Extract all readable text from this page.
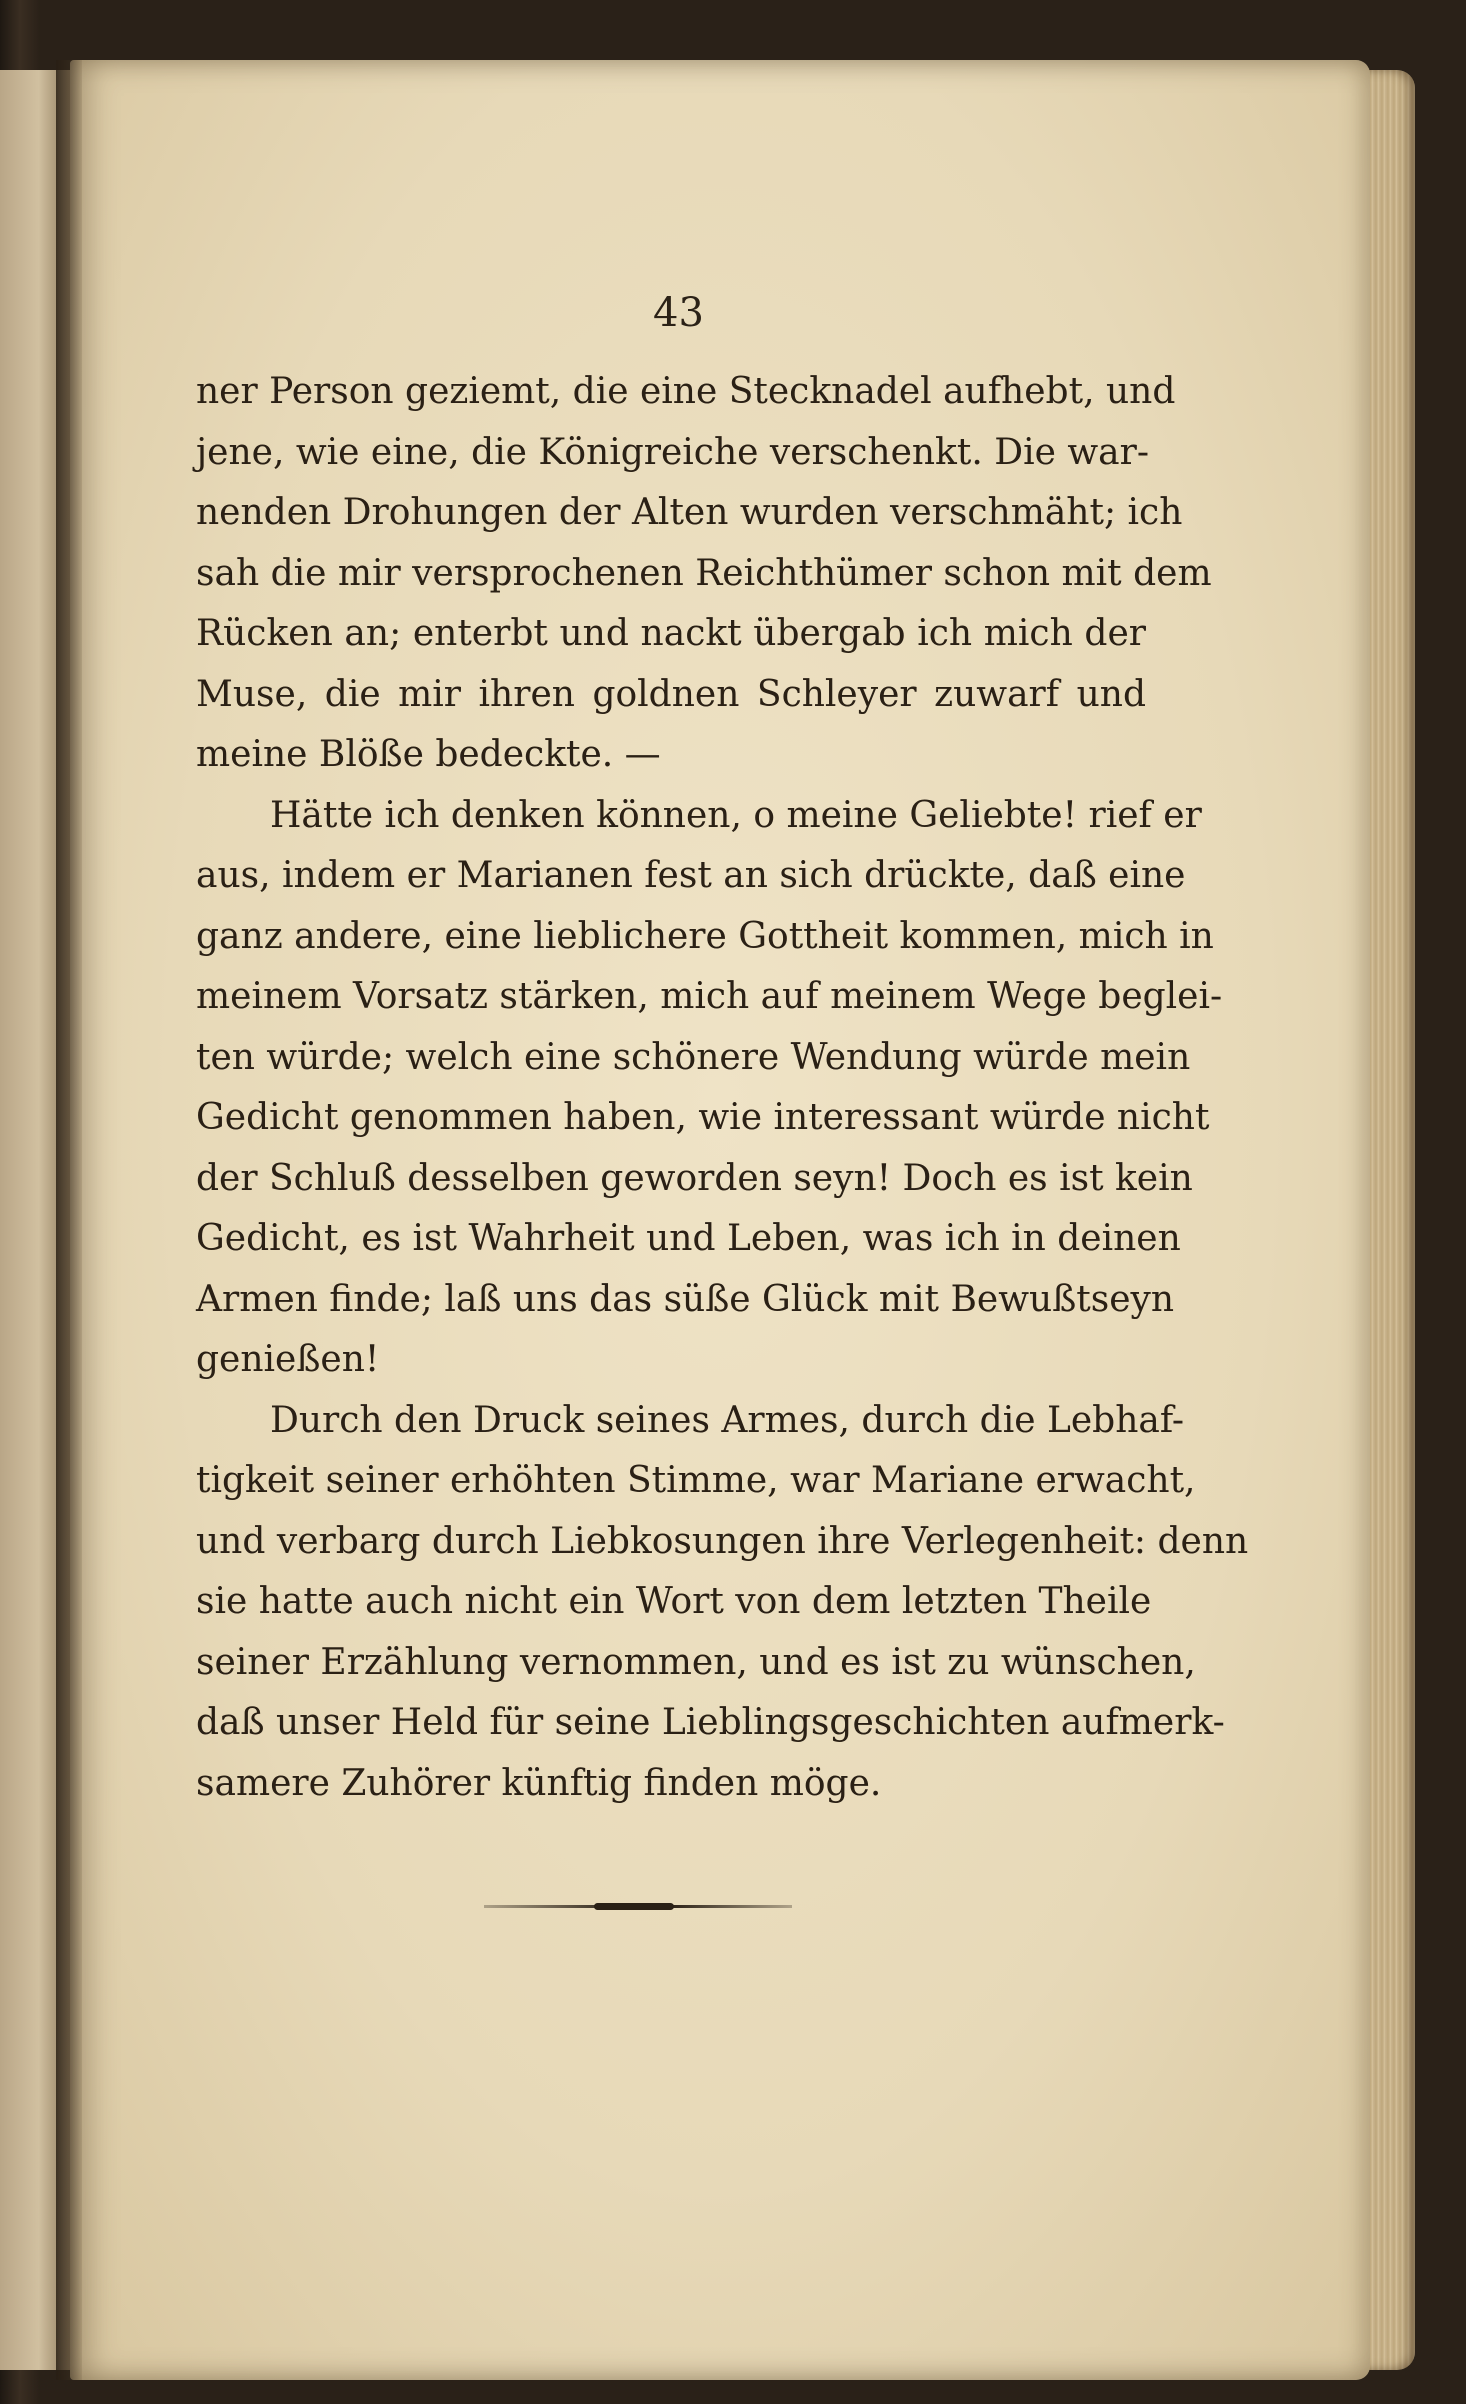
43

ner Person geziemt, die eine Stecknadel aufhebt, und
jene, wie eine, die Königreiche verschenkt. Die war-
nenden Drohungen der Alten wurden verschmäht; ich
sah die mir versprochenen Reichthümer schon mit dem
Rücken an; enterbt und nackt übergab ich mich der
Muse, die mir ihren goldnen Schleyer zuwarf und
meine Blöße bedeckte. —

Hätte ich denken können, o meine Geliebte! rief er
aus, indem er Marianen fest an sich drückte, daß eine
ganz andere, eine lieblichere Gottheit kommen, mich in
meinem Vorsatz stärken, mich auf meinem Wege beglei-
ten würde; welch eine schönere Wendung würde mein
Gedicht genommen haben, wie interessant würde nicht
der Schluß desselben geworden seyn! Doch es ist kein
Gedicht, es ist Wahrheit und Leben, was ich in deinen
Armen finde; laß uns das süße Glück mit Bewußtseyn
genießen!

Durch den Druck seines Armes, durch die Lebhaf-
tigkeit seiner erhöhten Stimme, war Mariane erwacht,
und verbarg durch Liebkosungen ihre Verlegenheit: denn
sie hatte auch nicht ein Wort von dem letzten Theile
seiner Erzählung vernommen, und es ist zu wünschen,
daß unser Held für seine Lieblingsgeschichten aufmerk-
samere Zuhörer künftig finden möge.
